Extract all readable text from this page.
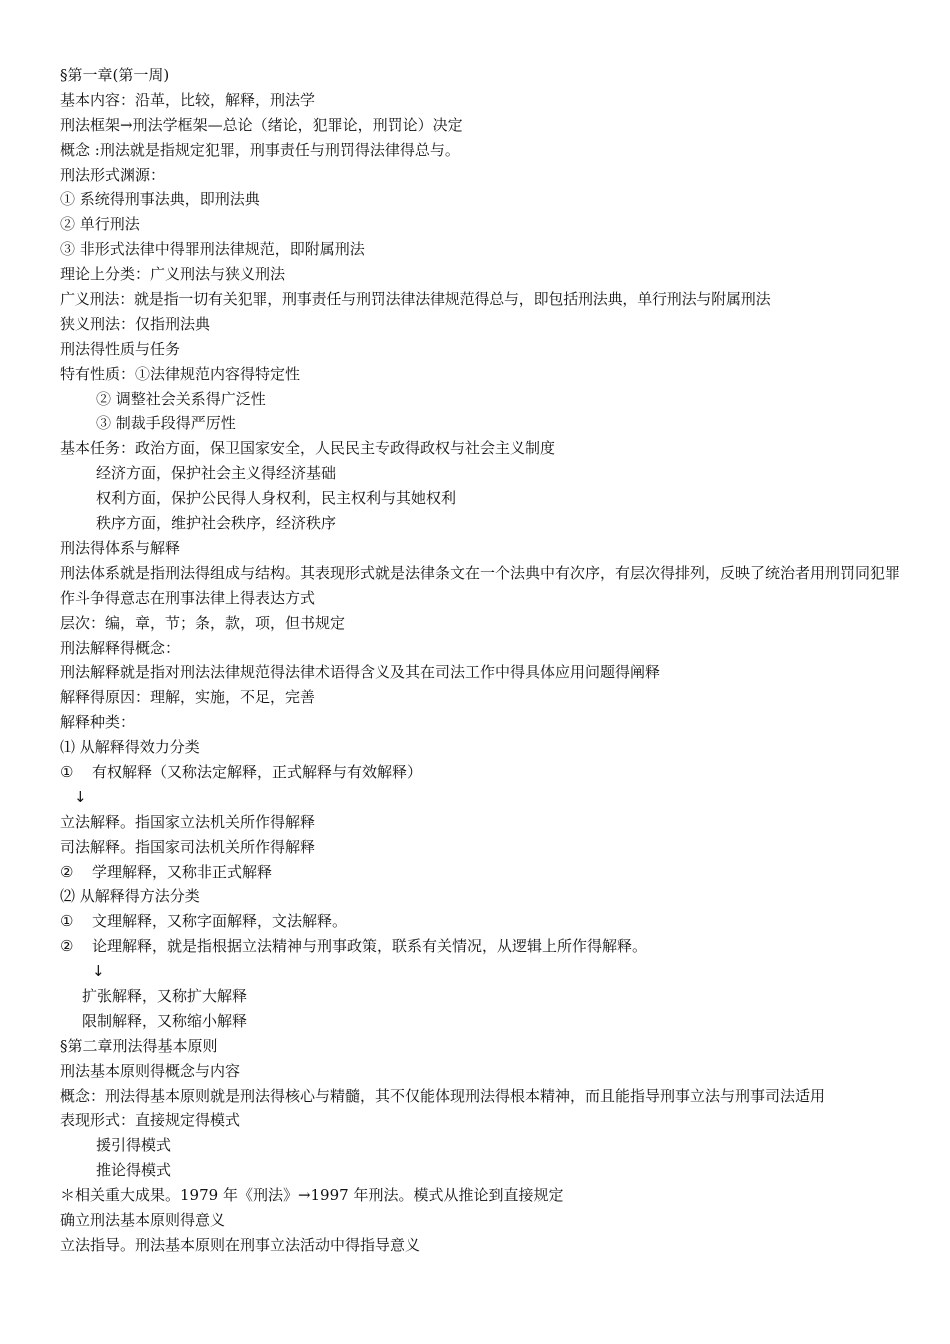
§第一章(第一周)
基本内容：沿革，比较，解释，刑法学
刑法框架→刑法学框架—总论（绪论，犯罪论，刑罚论）决定
概念 :刑法就是指规定犯罪，刑事责任与刑罚得法律得总与。
刑法形式渊源：
① 系统得刑事法典，即刑法典
② 单行刑法
③ 非形式法律中得罪刑法律规范，即附属刑法
理论上分类：广义刑法与狭义刑法
广义刑法：就是指一切有关犯罪，刑事责任与刑罚法律法律规范得总与，即包括刑法典，单行刑法与附属刑法
狭义刑法：仅指刑法典
刑法得性质与任务
特有性质：①法律规范内容得特定性
② 调整社会关系得广泛性
③ 制裁手段得严厉性
基本任务：政治方面，保卫国家安全，人民民主专政得政权与社会主义制度
经济方面，保护社会主义得经济基础
权利方面，保护公民得人身权利，民主权利与其她权利
秩序方面，维护社会秩序，经济秩序
刑法得体系与解释
刑法体系就是指刑法得组成与结构。其表现形式就是法律条文在一个法典中有次序，有层次得排列，反映了统治者用刑罚同犯罪作斗争得意志在刑事法律上得表达方式
层次：编，章，节；条，款，项，但书规定
刑法解释得概念：
刑法解释就是指对刑法法律规范得法律术语得含义及其在司法工作中得具体应用问题得阐释
解释得原因：理解，实施，不足，完善
解释种类：
⑴ 从解释得效力分类
① 有权解释（又称法定解释，正式解释与有效解释）
↓
立法解释。指国家立法机关所作得解释
司法解释。指国家司法机关所作得解释
② 学理解释，又称非正式解释
⑵ 从解释得方法分类
① 文理解释，又称字面解释，文法解释。
② 论理解释，就是指根据立法精神与刑事政策，联系有关情况，从逻辑上所作得解释。
↓
扩张解释，又称扩大解释
限制解释，又称缩小解释
§第二章刑法得基本原则
刑法基本原则得概念与内容
概念：刑法得基本原则就是刑法得核心与精髓，其不仅能体现刑法得根本精神，而且能指导刑事立法与刑事司法适用
表现形式：直接规定得模式
援引得模式
推论得模式
＊相关重大成果。1979 年《刑法》→1997 年刑法。模式从推论到直接规定
确立刑法基本原则得意义
立法指导。刑法基本原则在刑事立法活动中得指导意义
